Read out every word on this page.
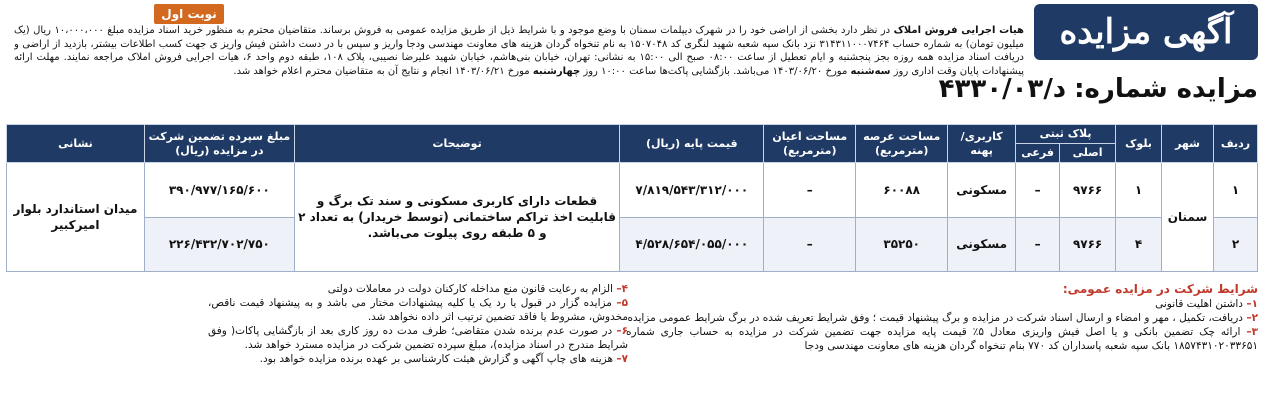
آگهی مزایده
مزایده شماره:
د/۴۳۳۰/۰۳
نوبت اول
هیات اجرایی فروش املاک در نظر دارد بخشی از اراضی خود را در شهرک دیپلمات سمنان با وضع موجود و با شرایط ذیل از طریق مزایده عمومی به فروش برساند. متقاضیان محترم به منظور خرید اسناد مزایده مبلغ ۱۰،۰۰۰،۰۰۰ ریال (یک میلیون تومان) به شماره حساب ۳۱۴۳۱۱۰۰۰۷۴۶۴ نزد بانک سپه شعبه شهید لنگری کد ۱۵۰۷۰۴۸ به نام تنخواه گردان هزینه های معاونت مهندسی ودجا واریز و سپس با در دست داشتن فیش واریز ی جهت کسب اطلاعات بیشتر، بازدید از اراضی و دریافت اسناد مزایده همه روزه بجز پنجشنبه و ایام تعطیل از ساعت ۰۸:۰۰ صبح الی ۱۵:۰۰ به نشانی: تهران، خیابان بنی‌هاشم، خیابان شهید علیرضا نصیبی، پلاک ۱۰۸، طبقه دوم واحد ۶، هیات اجرایی فروش املاک مراجعه نمایند. مهلت ارائه پیشنهادات پایان وقت اداری روز سه‌شنبه مورخ ۱۴۰۳/۰۶/۲۰ می‌باشد. بازگشایی پاکت‌ها ساعت ۱۰:۰۰ روز چهارشنبه مورخ ۱۴۰۳/۰۶/۲۱ انجام و نتایج آن به متقاضیان محترم اعلام خواهد شد.
ردیف	شهر	بلوک	پلاک ثبتی		کاربری/ پهنه	مساحت عرصه (مترمربع)	مساحت اعیان (مترمربع)	قیمت پایه (ریال)	توضیحات	مبلغ سپرده تضمین شرکت در مزایده (ریال)	نشانی
			اصلی	فرعی							
۱	سمنان	۱	۹۷۶۶	–	مسکونی	۶۰۰۸۸	–	۷/۸۱۹/۵۴۳/۳۱۲/۰۰۰	قطعات دارای کاربری مسکونی و سند تک برگ و قابلیت اخذ تراکم ساختمانی (توسط خریدار) به تعداد ۲ و ۵ طبقه روی پیلوت می‌باشد.	۳۹۰/۹۷۷/۱۶۵/۶۰۰	میدان استاندارد بلوار امیرکبیر
۲		۴	۹۷۶۶	–	مسکونی	۳۵۲۵۰	–	۴/۵۲۸/۶۵۴/۰۵۵/۰۰۰		۲۲۶/۴۳۲/۷۰۲/۷۵۰	

شرایط شرکت در مزایده عمومی:

۱– داشتن اهلیت قانونی

۲– دریافت، تکمیل ، مهر و امضاء و ارسال اسناد شرکت در مزایده و برگ پیشنهاد قیمت ؛ وفق شرایط تعریف شده در برگ شرایط عمومی مزایده

۳– ارائه چک تضمین بانکی و یا اصل فیش واریزی معادل ۵٪ قیمت پایه مزایده جهت تضمین شرکت در مزایده به حساب جاری شماره ۱۸۵۷۴۳۱۰۲۰۳۳۶۵۱ بانک سپه شعبه پاسداران کد ۷۷۰ بنام تنخواه گردان هزینه های معاونت مهندسی ودجا

۴– الزام به رعایت قانون منع مداخله کارکنان دولت در معاملات دولتی

۵– مزایده گزار در قبول یا رد یک یا کلیه پیشنهادات مختار می باشد و به پیشنهاد قیمت ناقص، مخدوش، مشروط یا فاقد تضمین ترتیب اثر داده نخواهد شد.

۶– در صورت عدم برنده شدن متقاضی؛ ظرف مدت ده روز کاری بعد از بازگشایی پاکات( وفق شرایط مندرج در اسناد مزایده)، مبلغ سپرده تضمین شرکت در مزایده مسترد خواهد شد.

۷– هزینه های چاپ آگهی و گزارش هیئت کارشناسی بر عهده برنده مزایده خواهد بود.
